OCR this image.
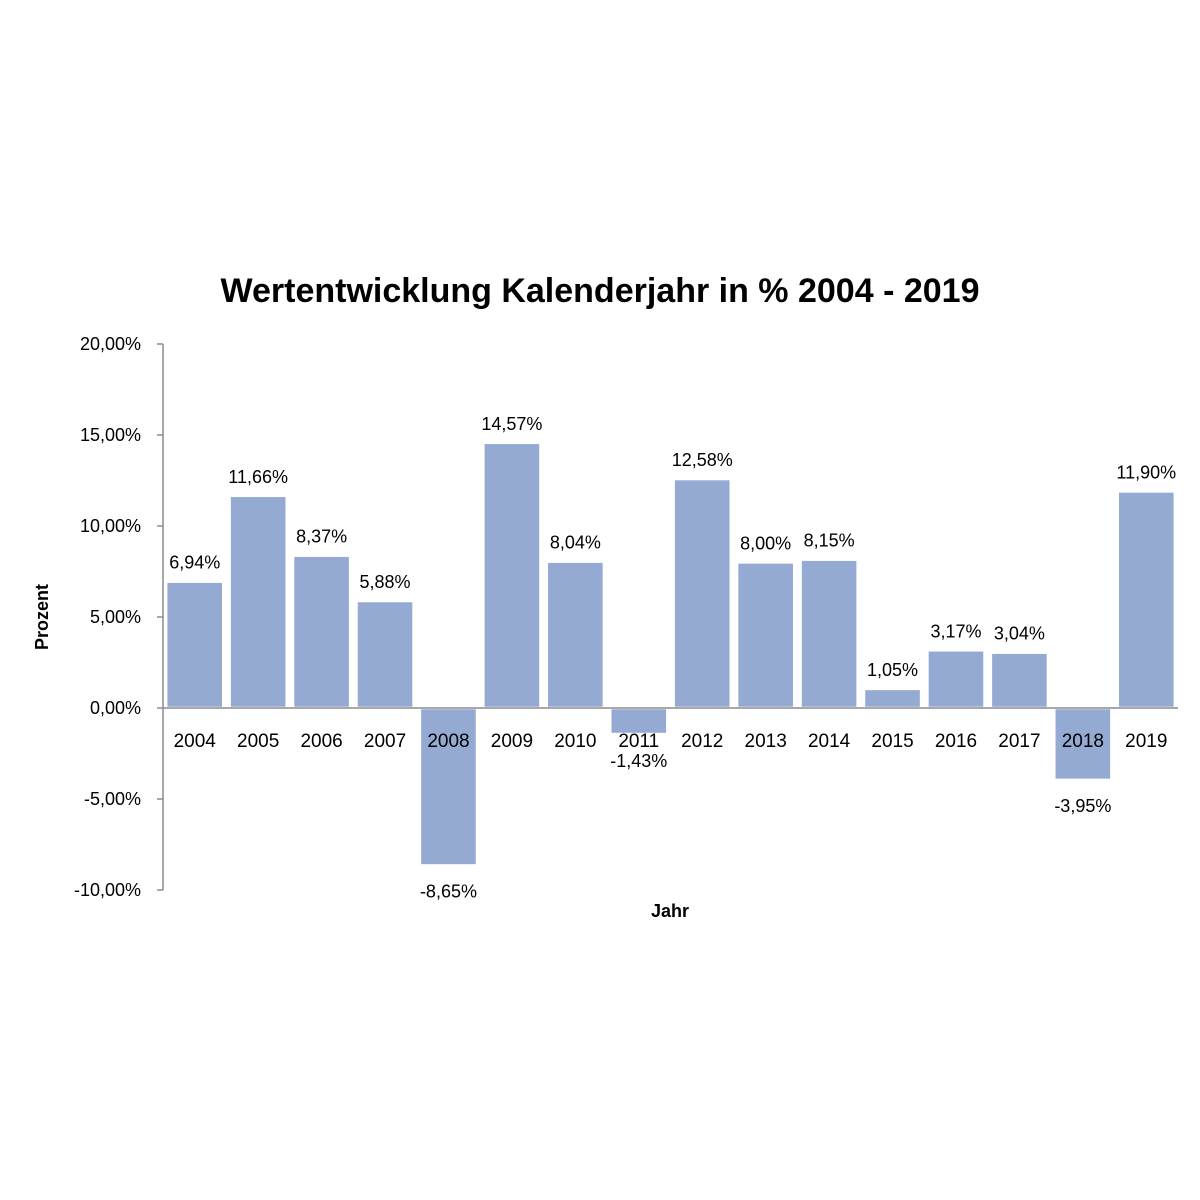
Wertentwicklung Kalenderjahr in % 2004 - 2019
Prozent
Jahr
20,00%
15,00%
10,00%
5,00%
0,00%
-5,00%
-10,00%
2004 2005 2006 2007 2008 2009 2010 2011 2012 2013 2014 2015 2016 2017 2018 2019
6,94%
11,66%
8,37%
5,88%
-8,65%
14,57%
8,04%
-1,43%
12,58%
8,00% 8,15%
1,05%
3,17% 3,04%
-3,95%
11,90%
